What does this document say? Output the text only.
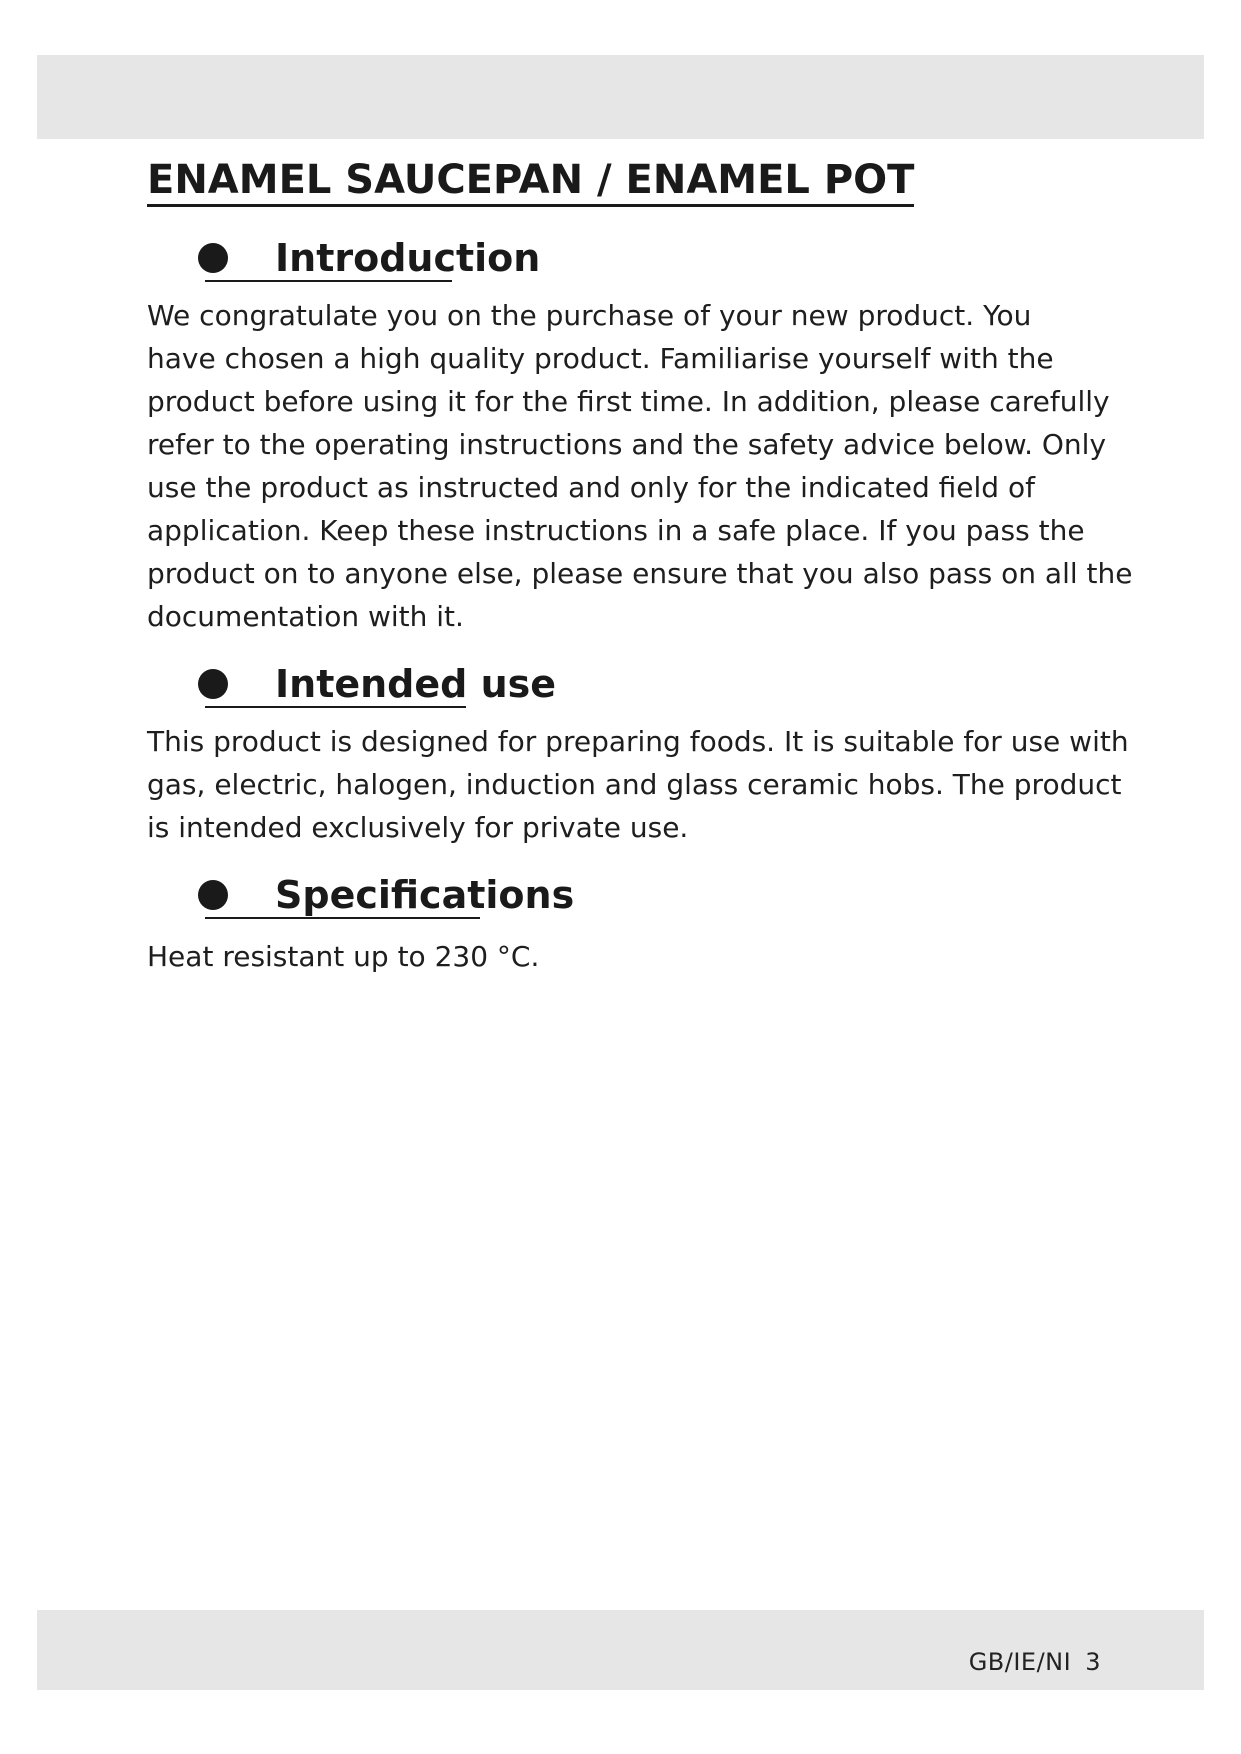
ENAMEL SAUCEPAN / ENAMEL POT
Introduction

We congratulate you on the purchase of your new product. You
have chosen a high quality product. Familiarise yourself with the
product before using it for the first time. In addition, please carefully
refer to the operating instructions and the safety advice below. Only
use the product as instructed and only for the indicated field of
application. Keep these instructions in a safe place. If you pass the
product on to anyone else, please ensure that you also pass on all the
documentation with it.

Intended use

This product is designed for preparing foods. It is suitable for use with
gas, electric, halogen, induction and glass ceramic hobs. The product
is intended exclusively for private use.

Specifications

Heat resistant up to 230 °C.

GB/IE/NI 3
